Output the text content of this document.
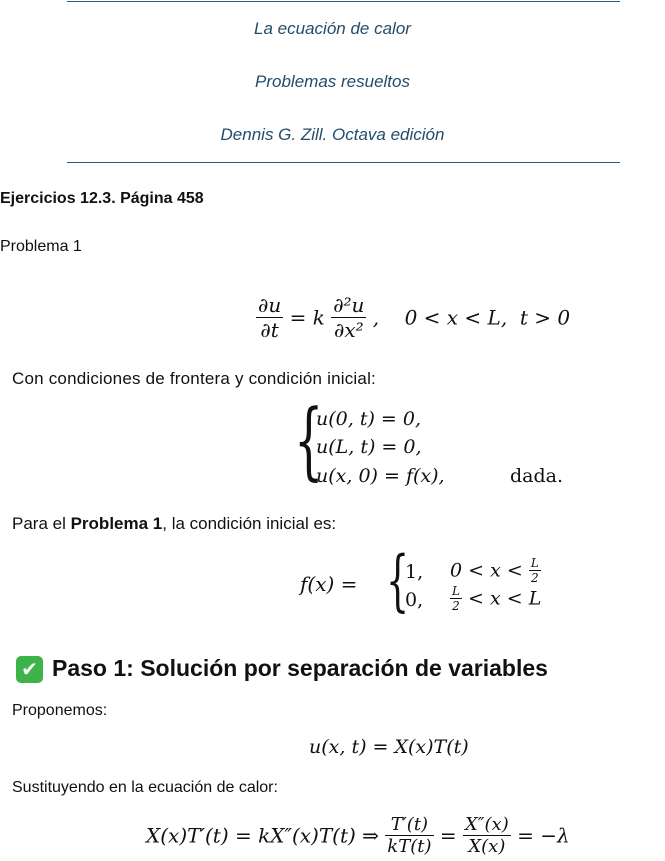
La ecuación de calor
Problemas resueltos
Dennis G. Zill. Octava edición
Ejercicios 12.3. Página 458
Problema 1
$\frac{\partial u}{\partial t} = k \frac{\text{∂²u}}{\text{∂x²}}$ ,    0 < x < L,  t > 0
Con condiciones de frontera y condición inicial:
{
u(0, t) = 0,
u(L, t) = 0,
u(x, 0) = f(x),	dada.
Para el Problema 1, la condición inicial es:
f(x) = {
1, $0 < x < \frac{L}{2}$
0, $\frac{L}{2} < x < L$
✔ Paso 1: Solución por separación de variables
Proponemos:
u(x, t) = X(x)T(t)
Sustituyendo en la ecuación de calor:
X(x)T′(t) = kX″(x)T(t) ⇒ $\frac{T'(t)}{kT(t)} = \frac{X''(x)}{X(x)} = -\lambda$
